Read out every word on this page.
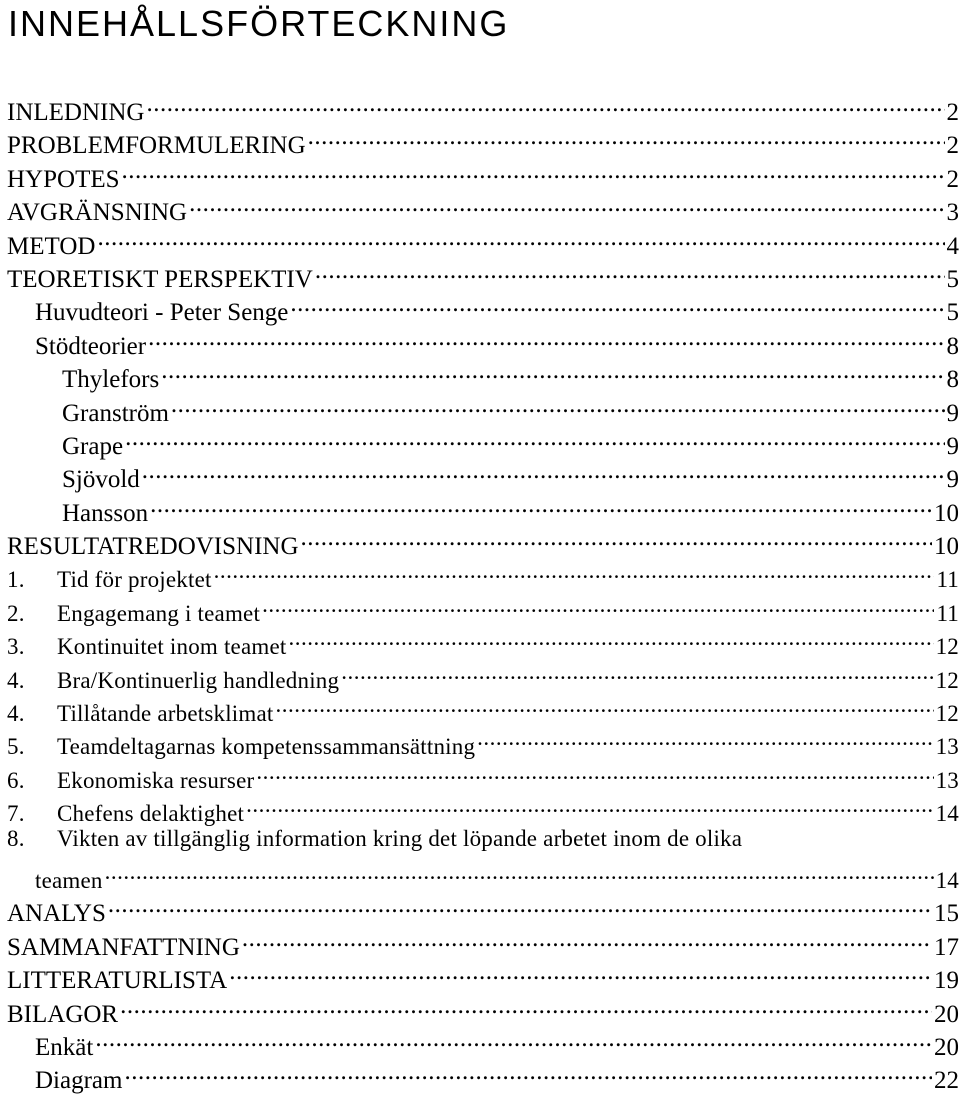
INNEHÅLLSFÖRTECKNING
INLEDNING .....	2
PROBLEMFORMULERING .....	2
HYPOTES .....	2
AVGRÄNSNING .....	3
METOD .....	4
TEORETISKT PERSPEKTIV .....	5
Huvudteori - Peter Senge .....	5
Stödteorier .....	8
Thylefors .....	8
Granström .....	9
Grape .....	9
Sjövold .....	9
Hansson .....	10
RESULTATREDOVISNING .....	10
1.	Tid för projektet .....	11
2.	Engagemang i teamet .....	11
3.	Kontinuitet inom teamet .....	12
4.	Bra/Kontinuerlig handledning .....	12
4.	Tillåtande arbetsklimat .....	12
5.	Teamdeltagarnas kompetenssammansättning .....	13
6.	Ekonomiska resurser .....	13
7.	Chefens delaktighet .....	14
8.	Vikten av tillgänglig information kring det löpande arbetet inom de olika
teamen .....	14
ANALYS .....	15
SAMMANFATTNING .....	17
LITTERATURLISTA .....	19
BILAGOR .....	20
Enkät .....	20
Diagram .....	22
